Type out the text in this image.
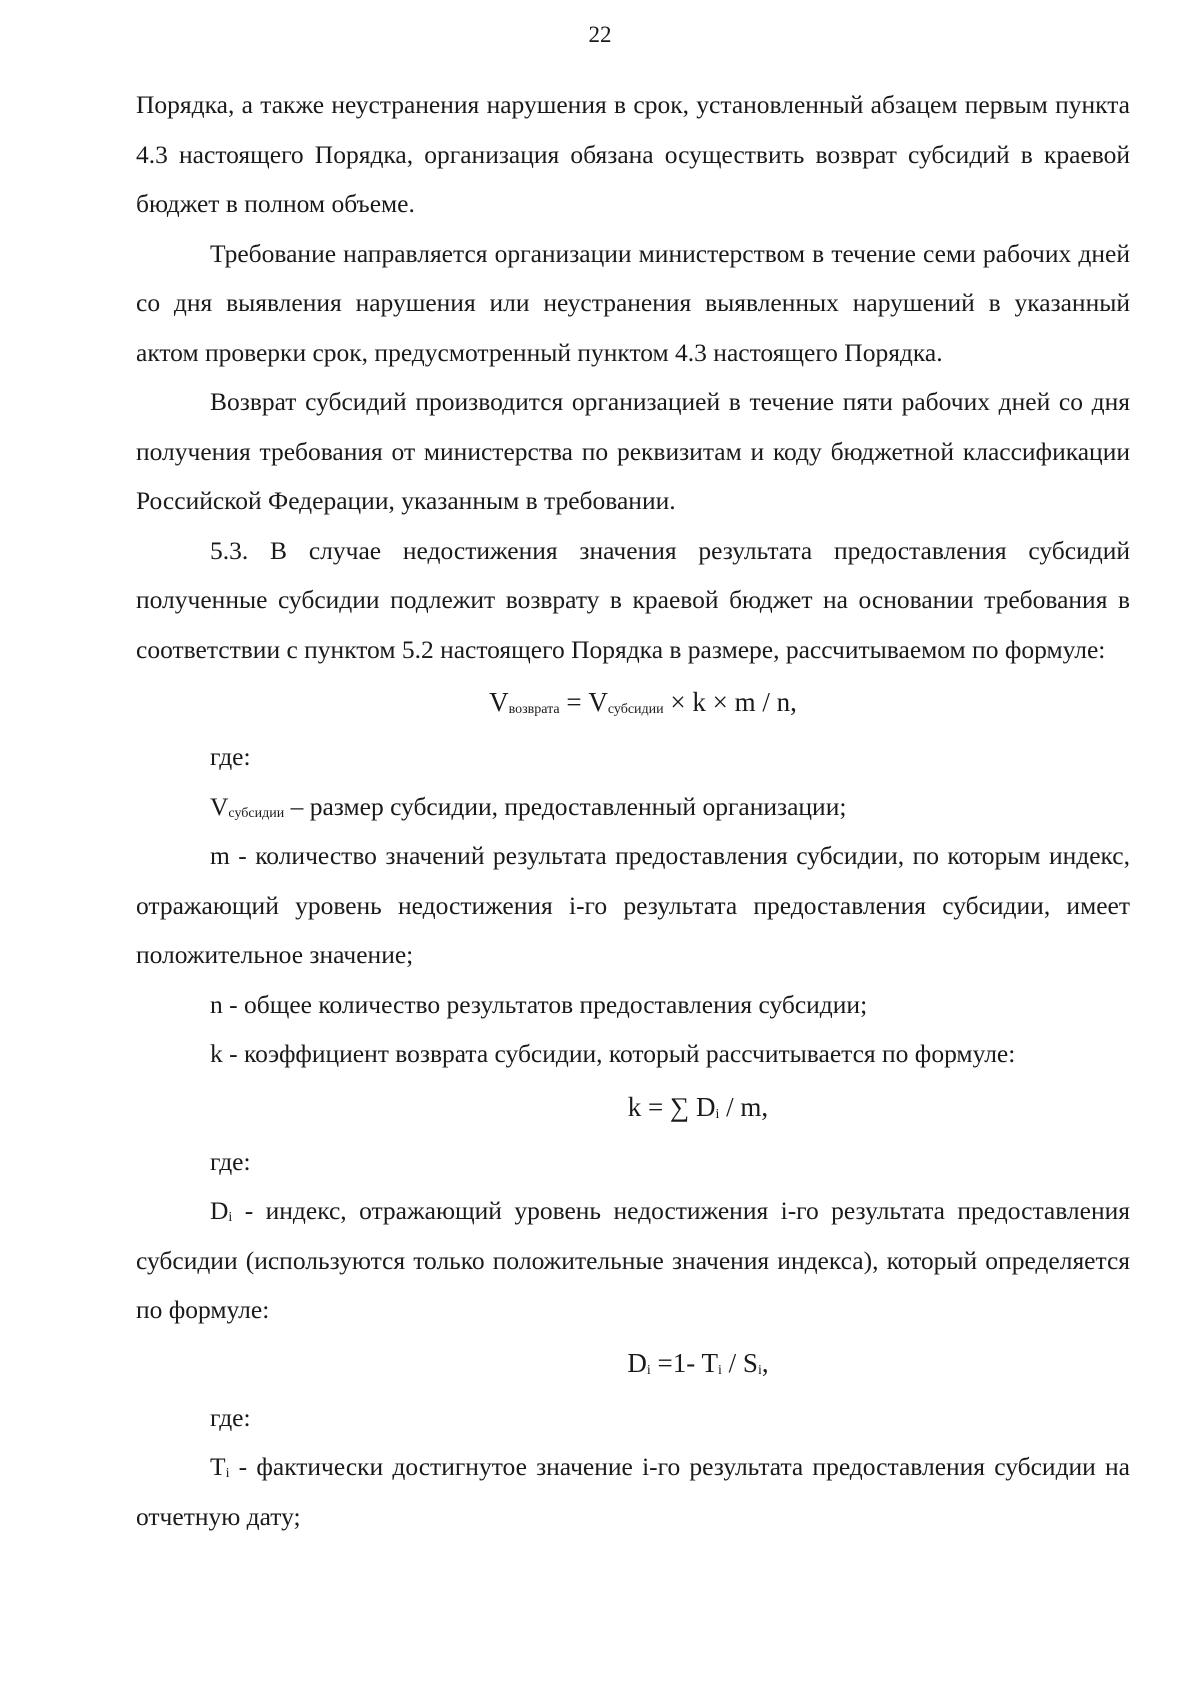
22

Порядка, а также неустранения нарушения в срок, установленный абзацем первым пункта 4.3 настоящего Порядка, организация обязана осуществить возврат субсидий в краевой бюджет в полном объеме.

Требование направляется организации министерством в течение семи рабочих дней со дня выявления нарушения или неустранения выявленных нарушений в указанный актом проверки срок, предусмотренный пунктом 4.3 настоящего Порядка.

Возврат субсидий производится организацией в течение пяти рабочих дней со дня получения требования от министерства по реквизитам и коду бюджетной классификации Российской Федерации, указанным в требовании.

5.3. В случае недостижения значения результата предоставления субсидий полученные субсидии подлежит возврату в краевой бюджет на основании требования в соответствии с пунктом 5.2 настоящего Порядка в размере, рассчитываемом по формуле:

$V_{возврата} = V_{субсидии} \times k \times m / n$,

где:

$V_{субсидии}$ – размер субсидии, предоставленный организации;

m - количество значений результата предоставления субсидии, по которым индекс, отражающий уровень недостижения i-го результата предоставления субсидии, имеет положительное значение;

n - общее количество результатов предоставления субсидии;

k - коэффициент возврата субсидии, который рассчитывается по формуле:

k = ∑ $D_i$ / m,

где:

$D_i$ - индекс, отражающий уровень недостижения i-го результата предоставления субсидии (используются только положительные значения индекса), который определяется по формуле:

$D_i =1-$ $T_i / S_i$,

где:

$T_i$ - фактически достигнутое значение i-го результата предоставления субсидии на отчетную дату;
